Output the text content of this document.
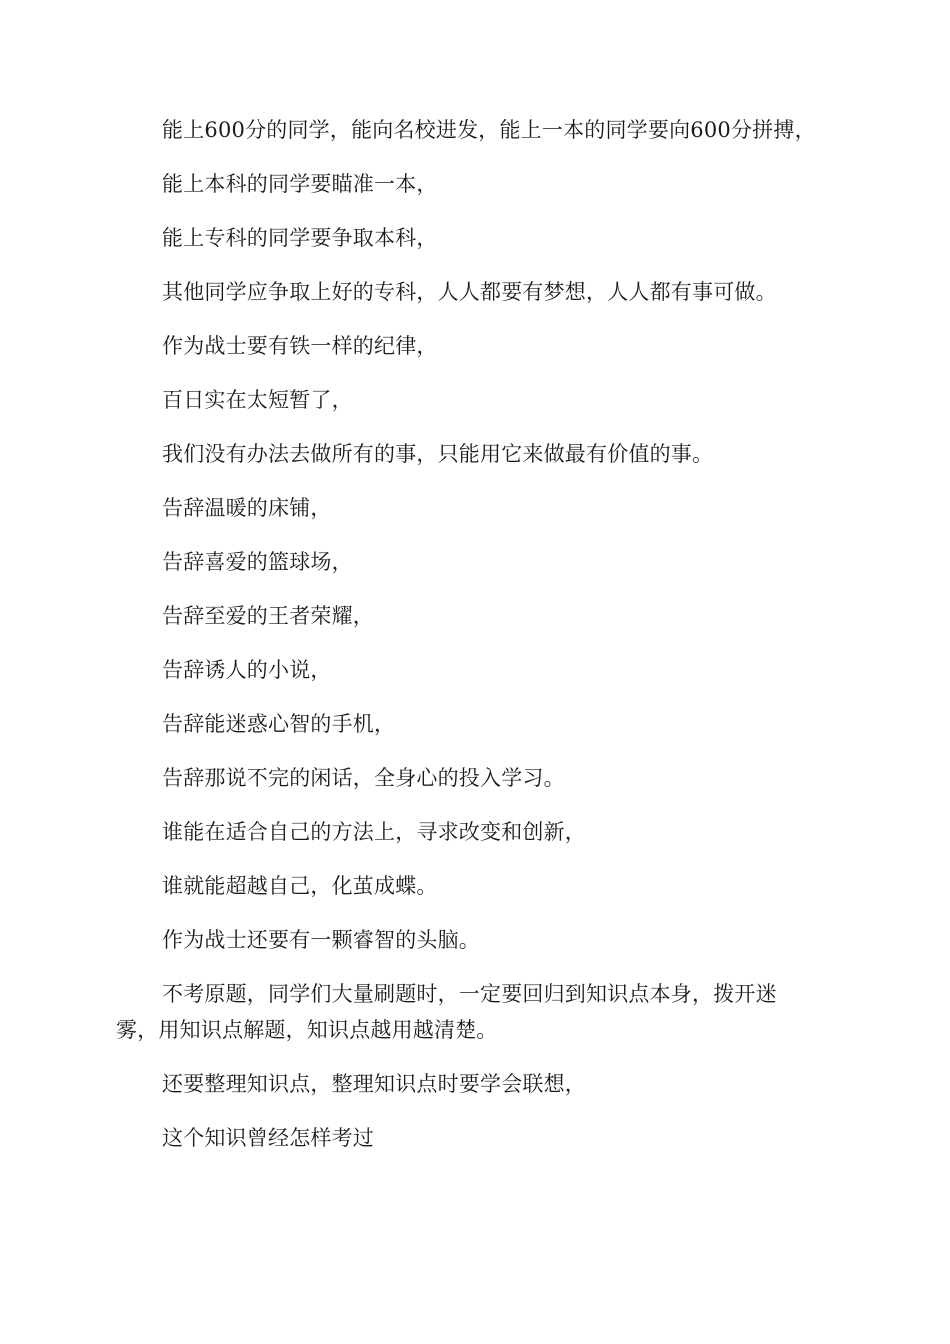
能上600分的同学，能向名校进发，能上一本的同学要向600分拼搏，

能上本科的同学要瞄准一本，

能上专科的同学要争取本科，

其他同学应争取上好的专科，人人都要有梦想，人人都有事可做。

作为战士要有铁一样的纪律，

百日实在太短暂了，

我们没有办法去做所有的事，只能用它来做最有价值的事。

告辞温暖的床铺，

告辞喜爱的篮球场，

告辞至爱的王者荣耀，

告辞诱人的小说，

告辞能迷惑心智的手机，

告辞那说不完的闲话，全身心的投入学习。

谁能在适合自己的方法上，寻求改变和创新，

谁就能超越自己，化茧成蝶。

作为战士还要有一颗睿智的头脑。

不考原题，同学们大量刷题时，一定要回归到知识点本身，拨开迷雾，用知识点解题，知识点越用越清楚。

还要整理知识点，整理知识点时要学会联想，

这个知识曾经怎样考过
